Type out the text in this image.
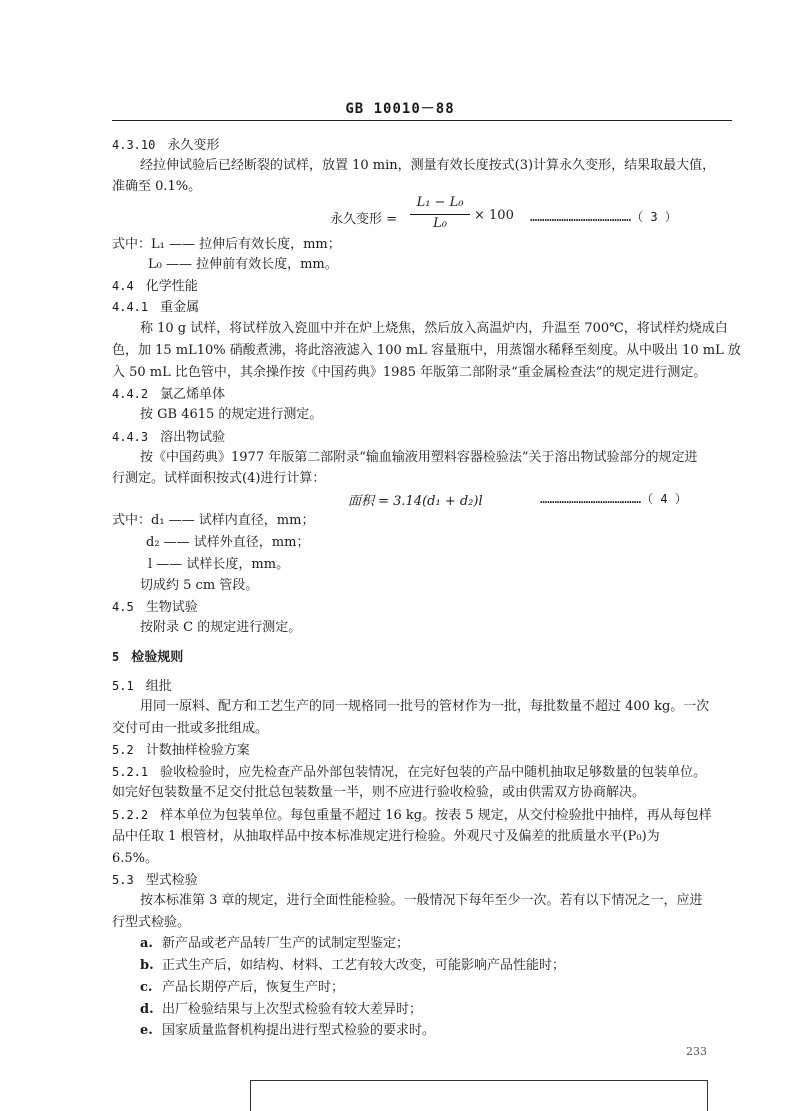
GB 10010－88
4.3.10 永久变形
经拉伸试验后已经断裂的试样，放置 10 min，测量有效长度按式(3)计算永久变形，结果取最大值，
准确至 0.1%。
永久变形 =
L₁ − L₀
L₀
× 100 ……………………………………（ 3 ）
式中：L₁ —— 拉伸后有效长度，mm；
L₀ —— 拉伸前有效长度，mm。
4.4 化学性能
4.4.1 重金属
称 10 g 试样，将试样放入瓷皿中并在炉上烧焦，然后放入高温炉内，升温至 700℃，将试样灼烧成白
色，加 15 mL10% 硝酸煮沸，将此溶液滤入 100 mL 容量瓶中，用蒸馏水稀释至刻度。从中吸出 10 mL 放
入 50 mL 比色管中，其余操作按《中国药典》1985 年版第二部附录“重金属检查法”的规定进行测定。
4.4.2 氯乙烯单体
按 GB 4615 的规定进行测定。
4.4.3 溶出物试验
按《中国药典》1977 年版第二部附录“输血输液用塑料容器检验法”关于溶出物试验部分的规定进
行测定。试样面积按式(4)进行计算：
面积 = 3.14(d₁ + d₂)l	……………………………………（ 4 ）
式中：d₁ —— 试样内直径，mm；
d₂ —— 试样外直径，mm；
l —— 试样长度，mm。
切成约 5 cm 管段。
4.5 生物试验
按附录 C 的规定进行测定。
5 检验规则
5.1 组批
用同一原料、配方和工艺生产的同一规格同一批号的管材作为一批，每批数量不超过 400 kg。一次
交付可由一批或多批组成。
5.2 计数抽样检验方案
5.2.1 验收检验时，应先检查产品外部包装情况，在完好包装的产品中随机抽取足够数量的包装单位。
如完好包装数量不足交付批总包装数量一半，则不应进行验收检验，或由供需双方协商解决。
5.2.2 样本单位为包装单位。每包重量不超过 16 kg。按表 5 规定，从交付检验批中抽样，再从每包样
品中任取 1 根管材，从抽取样品中按本标准规定进行检验。外观尺寸及偏差的批质量水平(P₀)为
6.5%。
5.3 型式检验
按本标准第 3 章的规定，进行全面性能检验。一般情况下每年至少一次。若有以下情况之一，应进
行型式检验。
a. 新产品或老产品转厂生产的试制定型鉴定；
b. 正式生产后，如结构、材料、工艺有较大改变，可能影响产品性能时；
c. 产品长期停产后，恢复生产时；
d. 出厂检验结果与上次型式检验有较大差异时；
e. 国家质量监督机构提出进行型式检验的要求时。
233
